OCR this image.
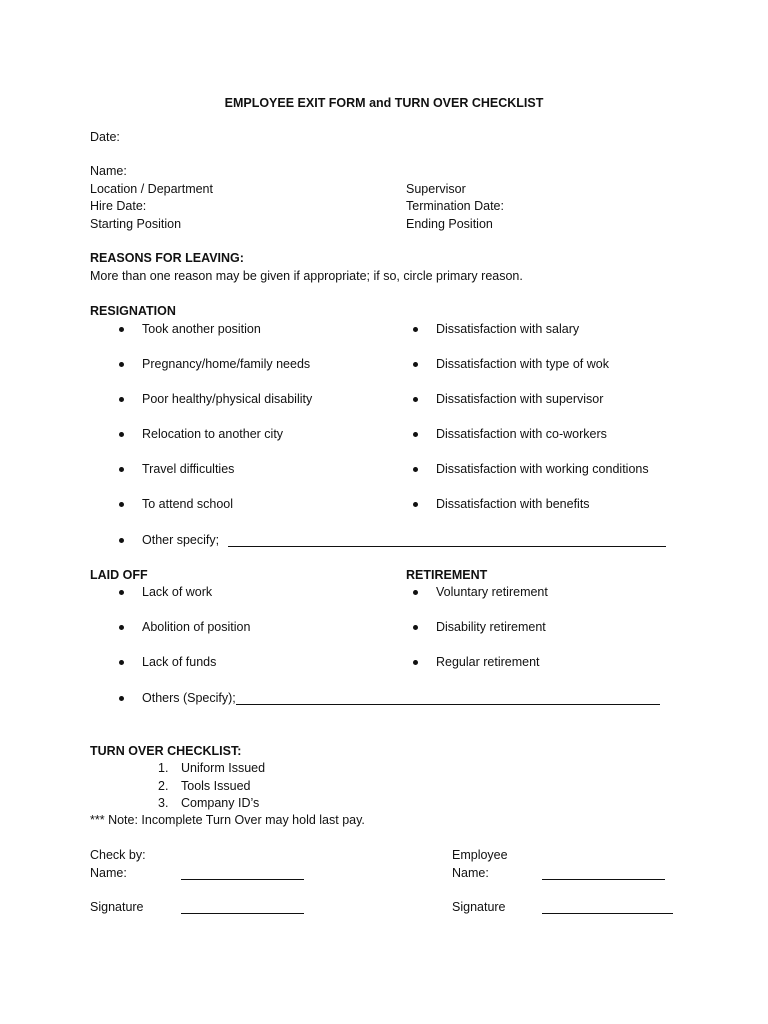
EMPLOYEE EXIT FORM and TURN OVER CHECKLIST
Date:
Name:
Location / Department
Hire Date:
Starting Position
Supervisor
Termination Date:
Ending Position
REASONS FOR LEAVING:
More than one reason may be given if appropriate; if so, circle primary reason.
RESIGNATION
Took another position
Pregnancy/home/family needs
Poor healthy/physical disability
Relocation to another city
Travel difficulties
To attend school
Dissatisfaction with salary
Dissatisfaction with type of wok
Dissatisfaction with supervisor
Dissatisfaction with co-workers
Dissatisfaction with working conditions
Dissatisfaction with benefits
Other specify;
LAID OFF	RETIREMENT
Lack of work
Abolition of position
Lack of funds
Voluntary retirement
Disability retirement
Regular retirement
Others (Specify);
TURN OVER CHECKLIST:
1. Uniform Issued
2. Tools Issued
3. Company ID’s
*** Note: Incomplete Turn Over may hold last pay.
Check by:
Name:
Signature
Employee
Name:
Signature
